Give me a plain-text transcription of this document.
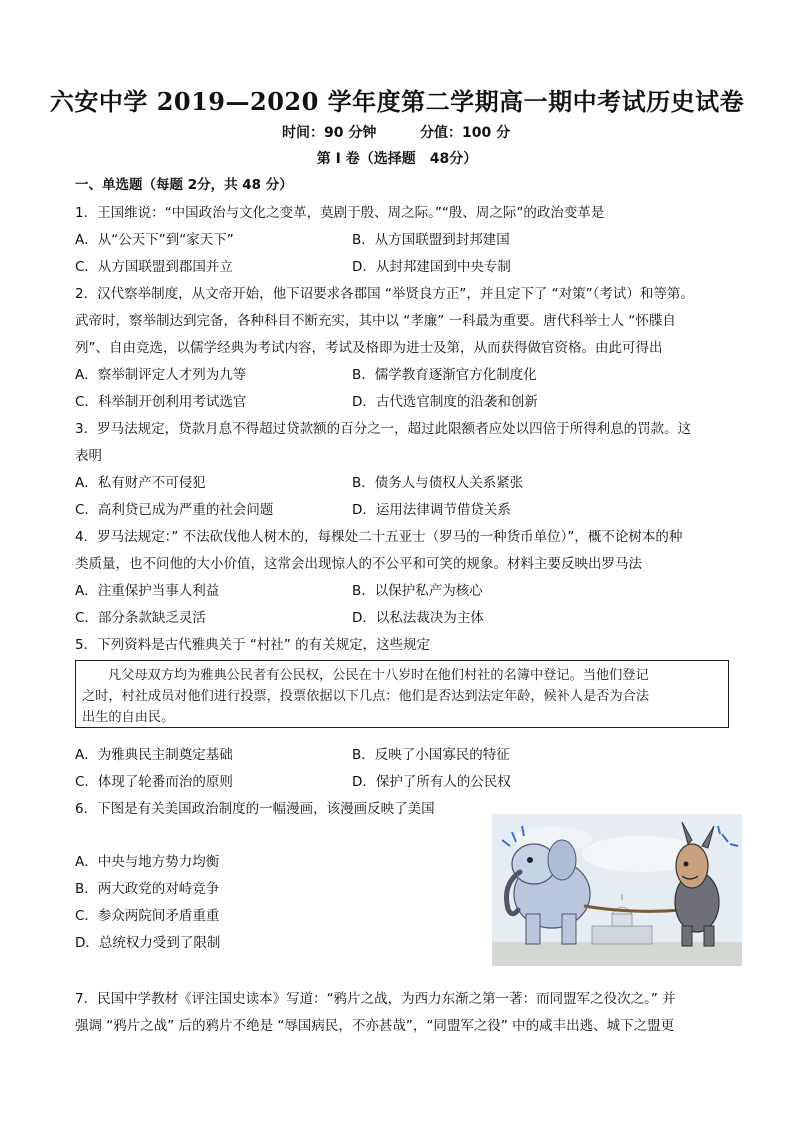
六安中学 2019—2020 学年度第二学期高一期中考试历史试卷
时间：90 分钟	分值：100 分
第 I 卷（选择题　48分）
一、单选题（每题 2分，共 48 分）
1．王国维说：“中国政治与文化之变革，莫剧于殷、周之际。”“殷、周之际”的政治变革是
A．从“公天下”到“家天下”	B．从方国联盟到封邦建国
C．从方国联盟到郡国并立	D．从封邦建国到中央专制
2．汉代察举制度，从文帝开始，他下诏要求各郡国 “举贤良方正”，并且定下了 “对策”（考试）和等第。
武帝时，察举制达到完备，各种科目不断充实，其中以 “孝廉” 一科最为重要。唐代科举士人 “怀牒自
列”、自由竞选，以儒学经典为考试内容，考试及格即为进士及第，从而获得做官资格。由此可得出
A．察举制评定人才列为九等	B．儒学教育逐渐官方化制度化
C．科举制开创利用考试选官	D．古代选官制度的沿袭和创新
3．罗马法规定，贷款月息不得超过贷款额的百分之一，超过此限额者应处以四倍于所得利息的罚款。这
表明
A．私有财产不可侵犯	B．债务人与债权人关系紧张
C．高利贷已成为严重的社会问题	D．运用法律调节借贷关系
4．罗马法规定：” 不法砍伐他人树木的，每棵处二十五亚士（罗马的一种货币单位）”，概不论树本的种
类质量，也不问他的大小价值，这常会出现惊人的不公平和可笑的规象。材料主要反映出罗马法
A．注重保护当事人利益	B．以保护私产为核心
C．部分条款缺乏灵活	D．以私法裁决为主体
5．下列资料是古代雅典关于 “村社” 的有关规定，这些规定
凡父母双方均为雅典公民者有公民权，公民在十八岁时在他们村社的名簿中登记。当他们登记
之时，村社成员对他们进行投票，投票依据以下几点：他们是否达到法定年龄，候补人是否为合法
出生的自由民。
A．为雅典民主制奠定基础	B．反映了小国寡民的特征
C．体现了轮番而治的原则	D．保护了所有人的公民权
6．下图是有关美国政治制度的一幅漫画，该漫画反映了美国
A．中央与地方势力均衡
B．两大政党的对峙竞争
C．参众两院间矛盾重重
D．总统权力受到了限制
7．民国中学教材《评注国史读本》写道：“鸦片之战，为西力东渐之第一著：而同盟军之役次之。” 并
强调 “鸦片之战” 后的鸦片不绝是 “辱国病民，不亦甚哉”，“同盟军之役” 中的咸丰出逃、城下之盟更
